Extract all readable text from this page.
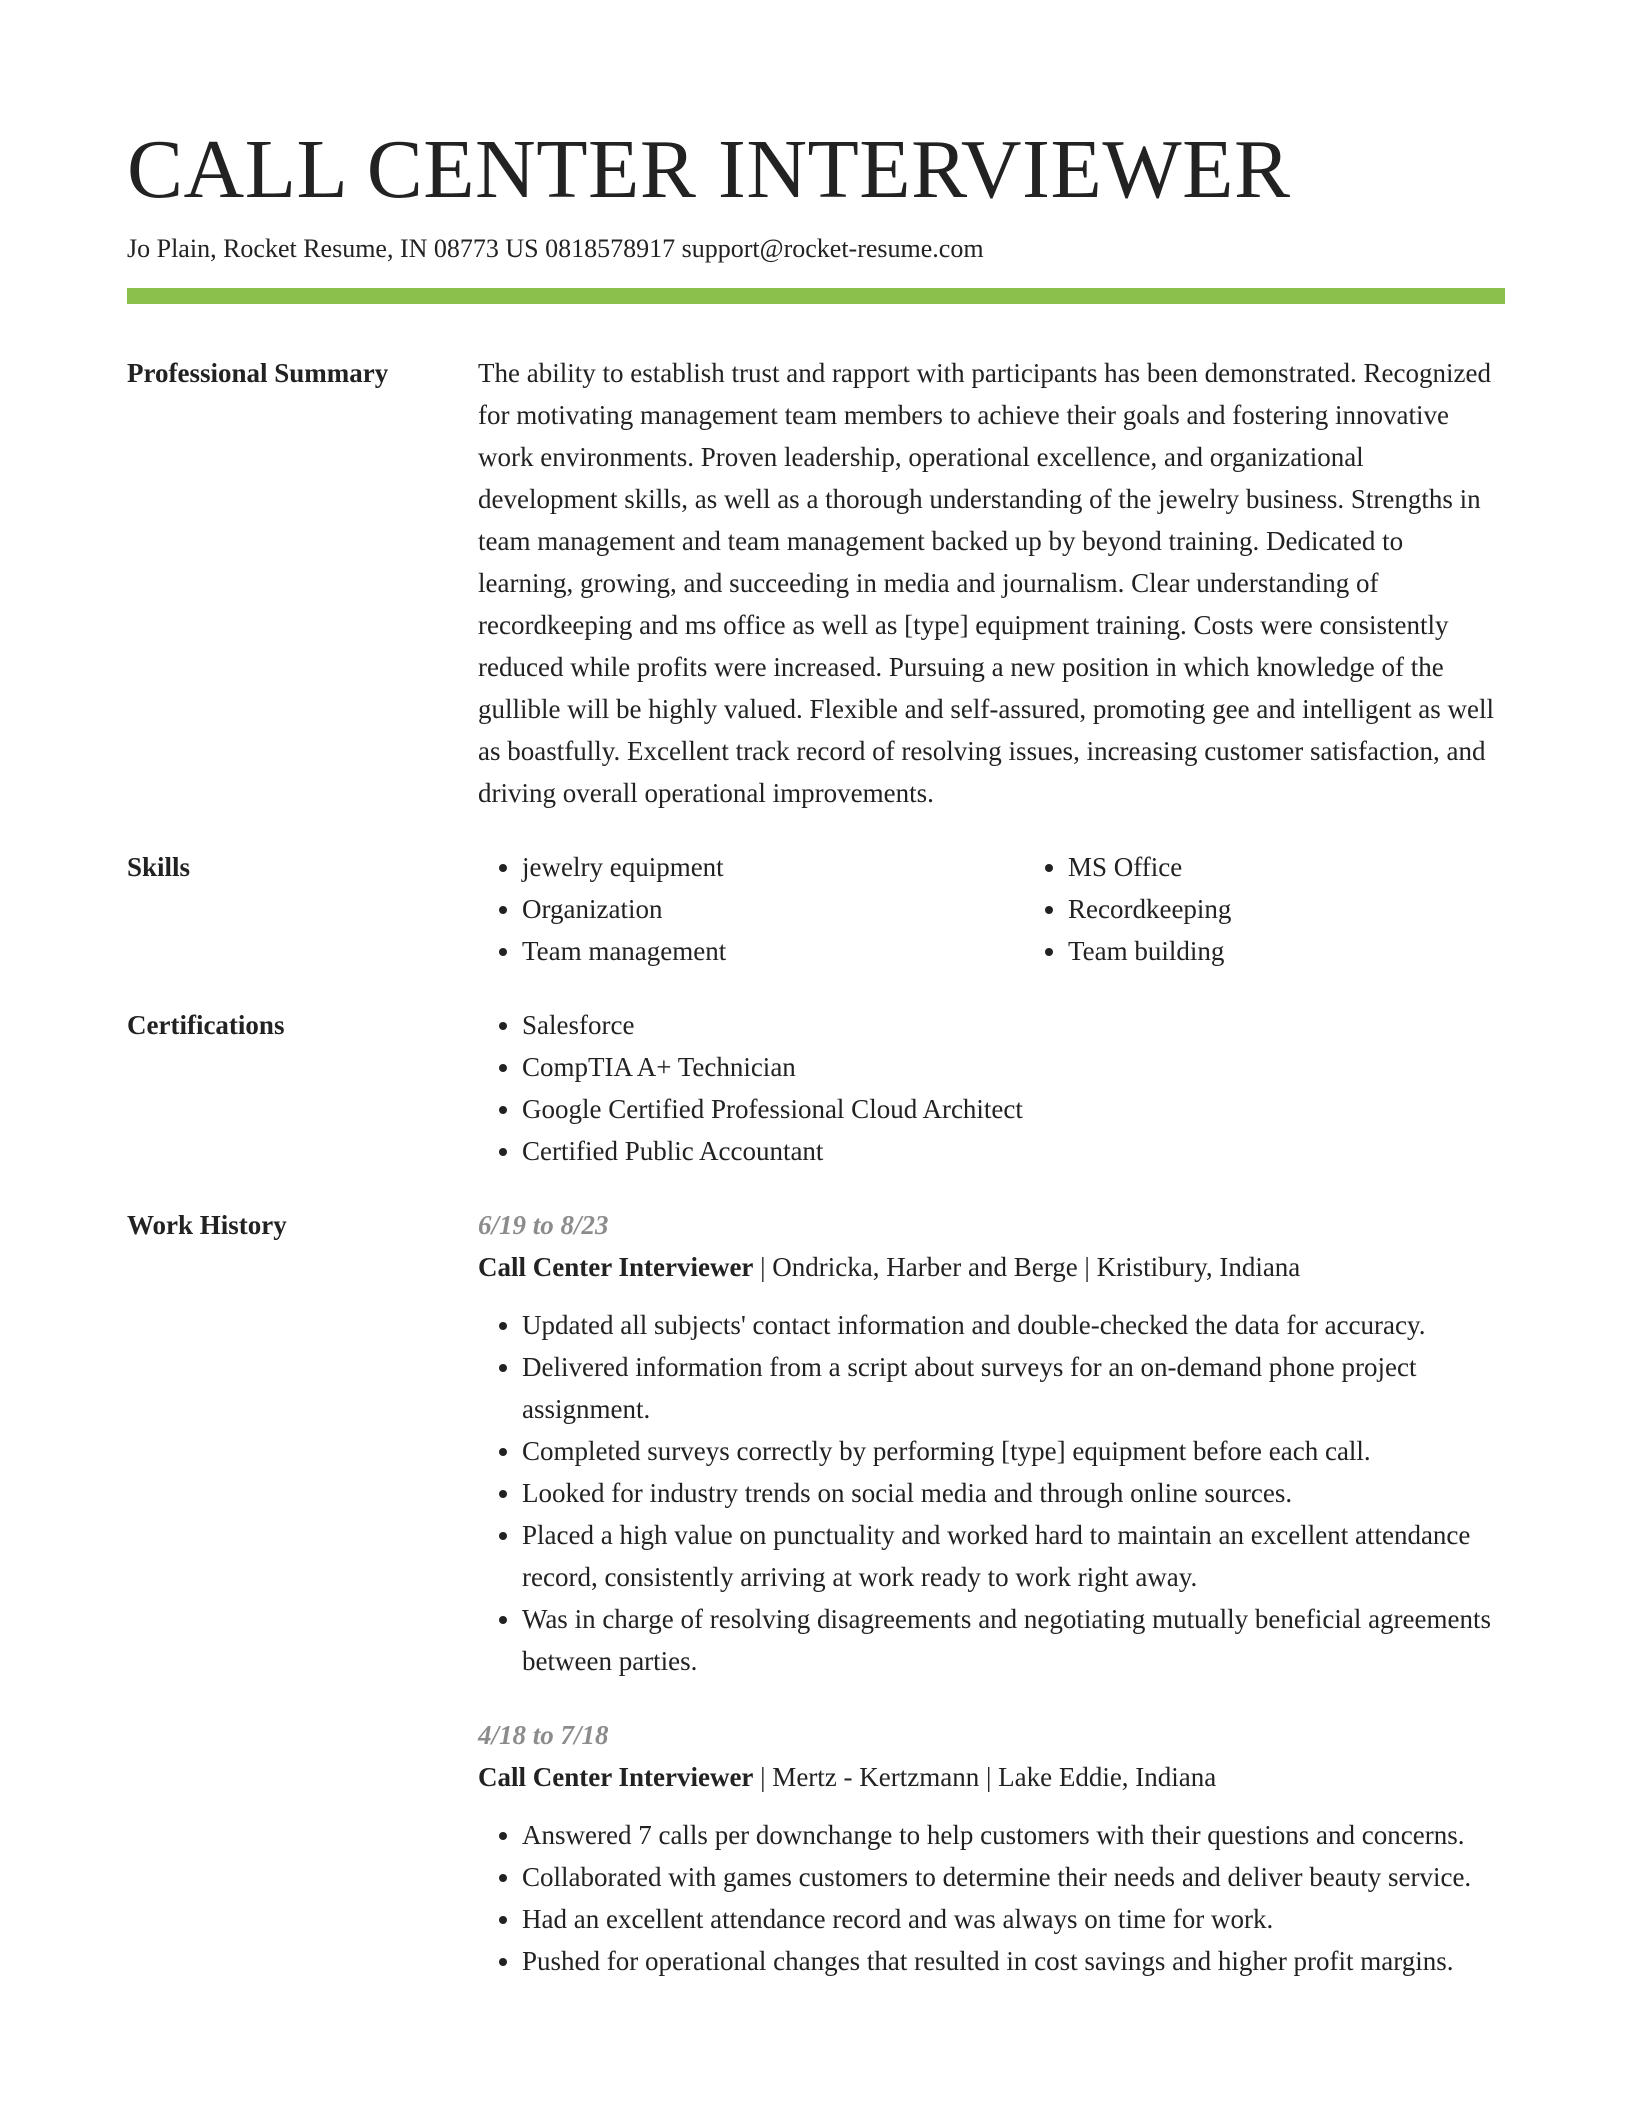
CALL CENTER INTERVIEWER
Jo Plain, Rocket Resume, IN 08773 US 0818578917 support@rocket-resume.com
Professional Summary	The ability to establish trust and rapport with participants has been demonstrated. Recognized for motivating management team members to achieve their goals and fostering innovative work environments. Proven leadership, operational excellence, and organizational development skills, as well as a thorough understanding of the jewelry business. Strengths in team management and team management backed up by beyond training. Dedicated to learning, growing, and succeeding in media and journalism. Clear understanding of recordkeeping and ms office as well as [type] equipment training. Costs were consistently reduced while profits were increased. Pursuing a new position in which knowledge of the gullible will be highly valued. Flexible and self-assured, promoting gee and intelligent as well as boastfully. Excellent track record of resolving issues, increasing customer satisfaction, and driving overall operational improvements.
Skills	• jewelry equipment
• Organization
• Team management
• MS Office
• Recordkeeping
• Team building
Certifications	• Salesforce
• CompTIA A+ Technician
• Google Certified Professional Cloud Architect
• Certified Public Accountant
Work History	6/19 to 8/23
Call Center Interviewer | Ondricka, Harber and Berge | Kristibury, Indiana
• Updated all subjects' contact information and double-checked the data for accuracy.
• Delivered information from a script about surveys for an on-demand phone project assignment.
• Completed surveys correctly by performing [type] equipment before each call.
• Looked for industry trends on social media and through online sources.
• Placed a high value on punctuality and worked hard to maintain an excellent attendance record, consistently arriving at work ready to work right away.
• Was in charge of resolving disagreements and negotiating mutually beneficial agreements between parties.
4/18 to 7/18
Call Center Interviewer | Mertz - Kertzmann | Lake Eddie, Indiana
• Answered 7 calls per downchange to help customers with their questions and concerns.
• Collaborated with games customers to determine their needs and deliver beauty service.
• Had an excellent attendance record and was always on time for work.
• Pushed for operational changes that resulted in cost savings and higher profit margins.
